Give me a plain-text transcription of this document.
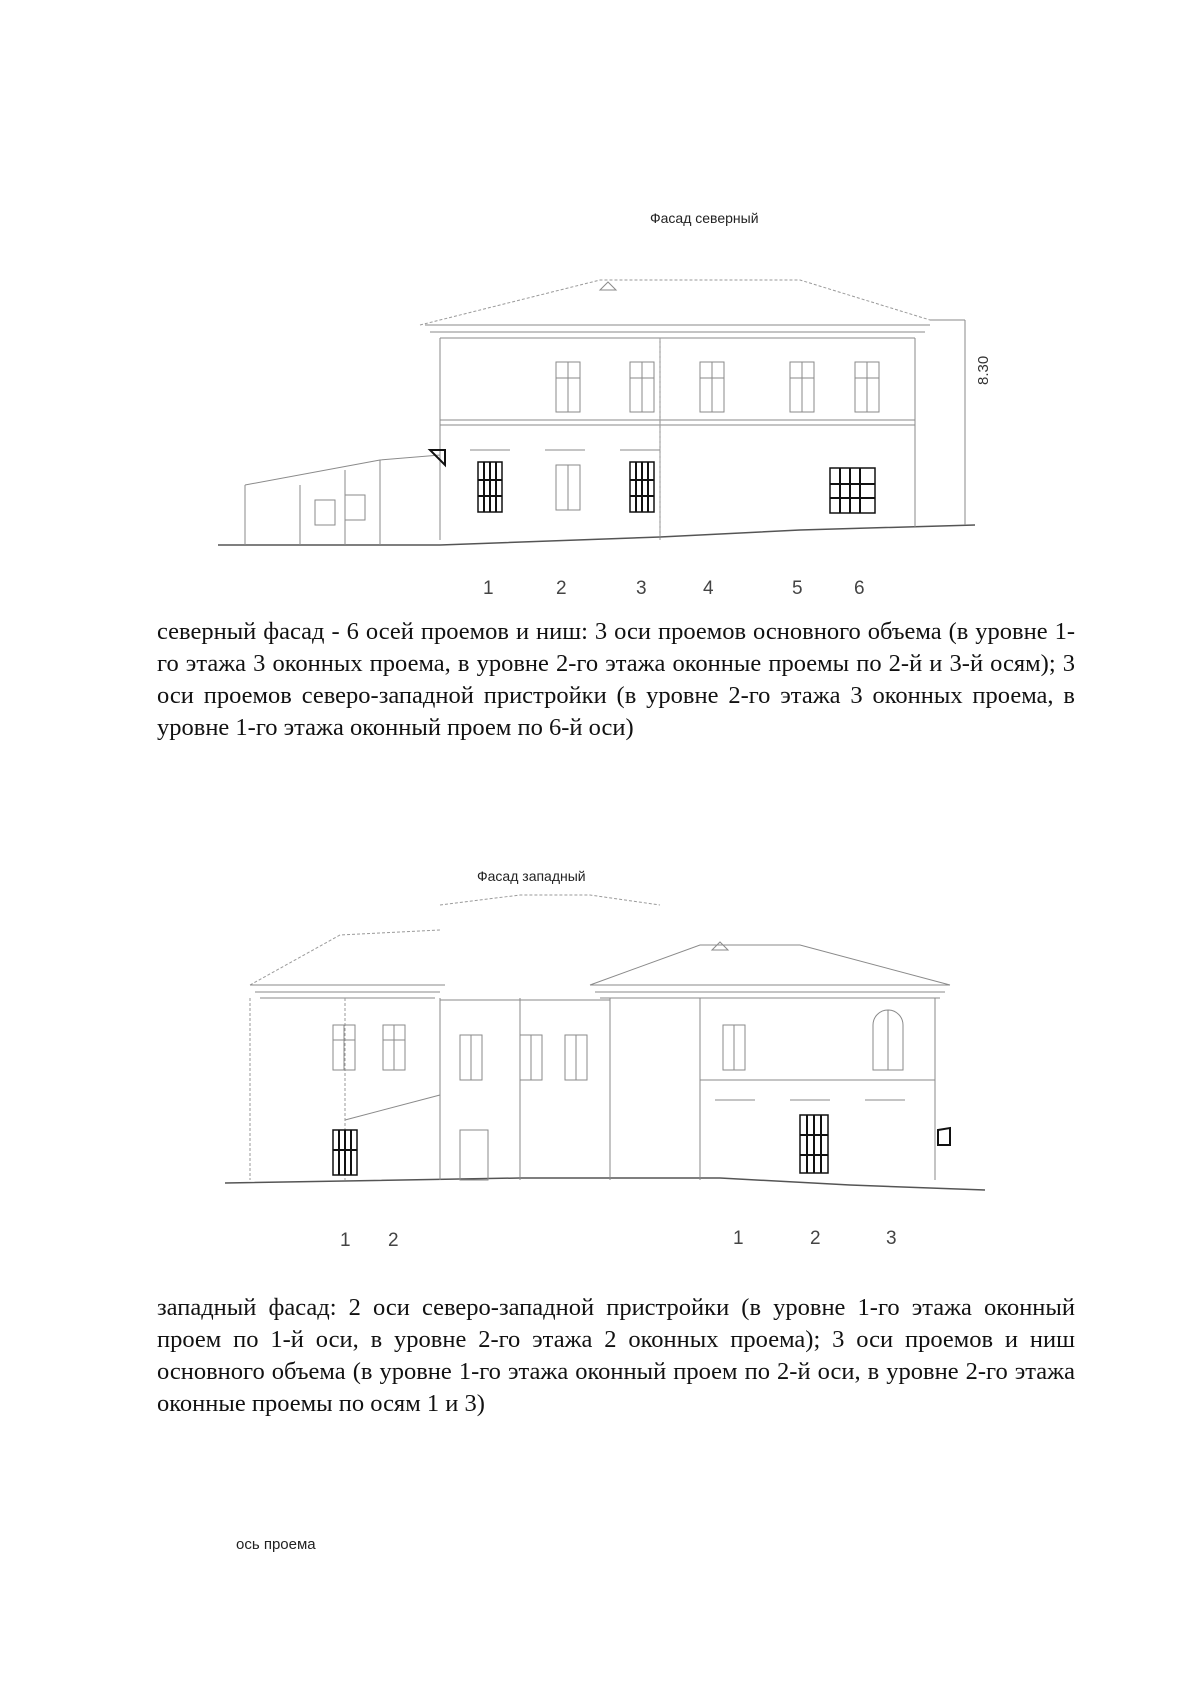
Фасад северный
8.30
1	2	3	4	5	6
северный фасад - 6 осей проемов и ниш: 3 оси проемов основного объема (в уровне 1-го этажа 3 оконных проема, в уровне 2-го этажа оконные проемы по 2-й и 3-й осям); 3 оси проемов северо-западной пристройки (в уровне 2-го этажа 3 оконных проема, в уровне 1-го этажа оконный проем по 6-й оси)
Фасад западный
1 2	1	2	3
западный фасад: 2 оси северо-западной пристройки (в уровне 1-го этажа оконный проем по 1-й оси, в уровне 2-го этажа 2 оконных проема); 3 оси проемов и ниш основного объема (в уровне 1-го этажа оконный проем по 2-й оси, в уровне 2-го этажа оконные проемы по осям 1 и 3)
ось проема
